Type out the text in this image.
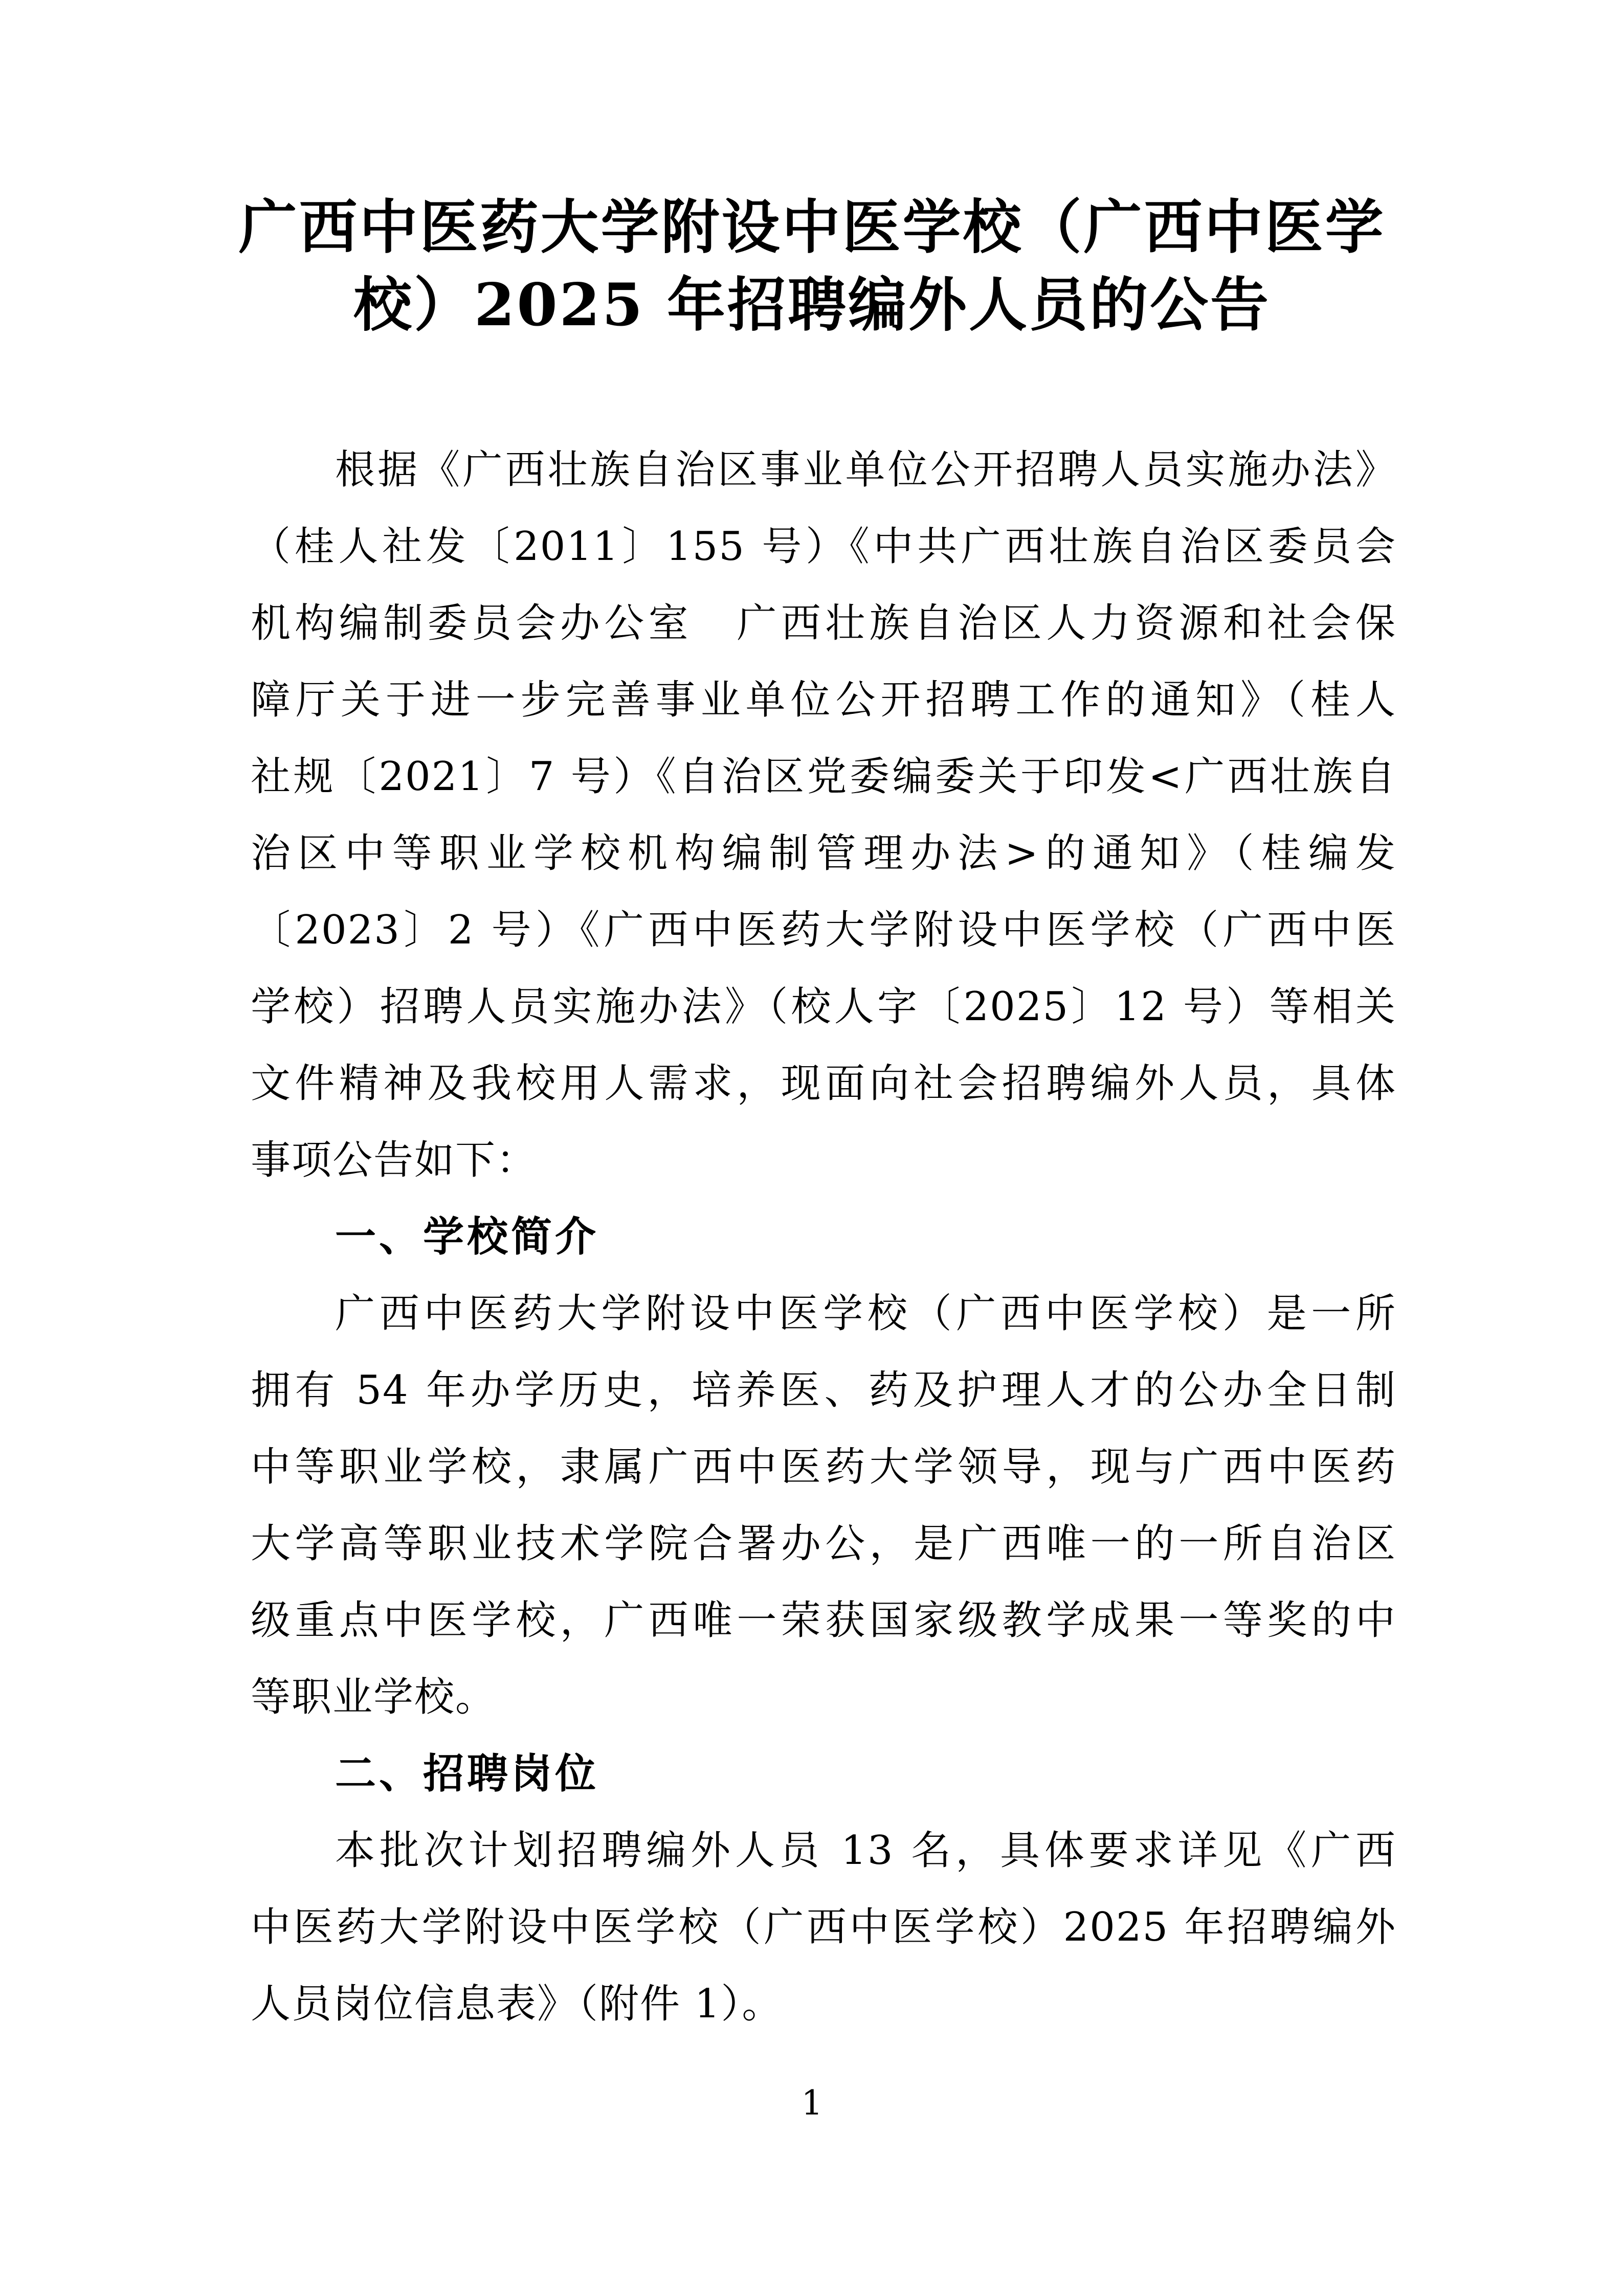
广西中医药大学附设中医学校（广西中医学
校）2025 年招聘编外人员的公告
根据《广西壮族自治区事业单位公开招聘人员实施办法》
（桂人社发〔2011〕155 号）《中共广西壮族自治区委员会
机构编制委员会办公室　广西壮族自治区人力资源和社会保
障厅关于进一步完善事业单位公开招聘工作的通知》（桂人
社规〔2021〕7 号）《自治区党委编委关于印发<广西壮族自
治区中等职业学校机构编制管理办法>的通知》（桂编发
〔2023〕2 号）《广西中医药大学附设中医学校（广西中医
学校）招聘人员实施办法》（校人字〔2025〕12 号）等相关
文件精神及我校用人需求，现面向社会招聘编外人员，具体
事项公告如下：
一、学校简介
广西中医药大学附设中医学校（广西中医学校）是一所
拥有 54 年办学历史，培养医、药及护理人才的公办全日制
中等职业学校，隶属广西中医药大学领导，现与广西中医药
大学高等职业技术学院合署办公，是广西唯一的一所自治区
级重点中医学校，广西唯一荣获国家级教学成果一等奖的中
等职业学校。
二、招聘岗位
本批次计划招聘编外人员 13 名，具体要求详见《广西
中医药大学附设中医学校（广西中医学校）2025 年招聘编外
人员岗位信息表》（附件 1）。
1
